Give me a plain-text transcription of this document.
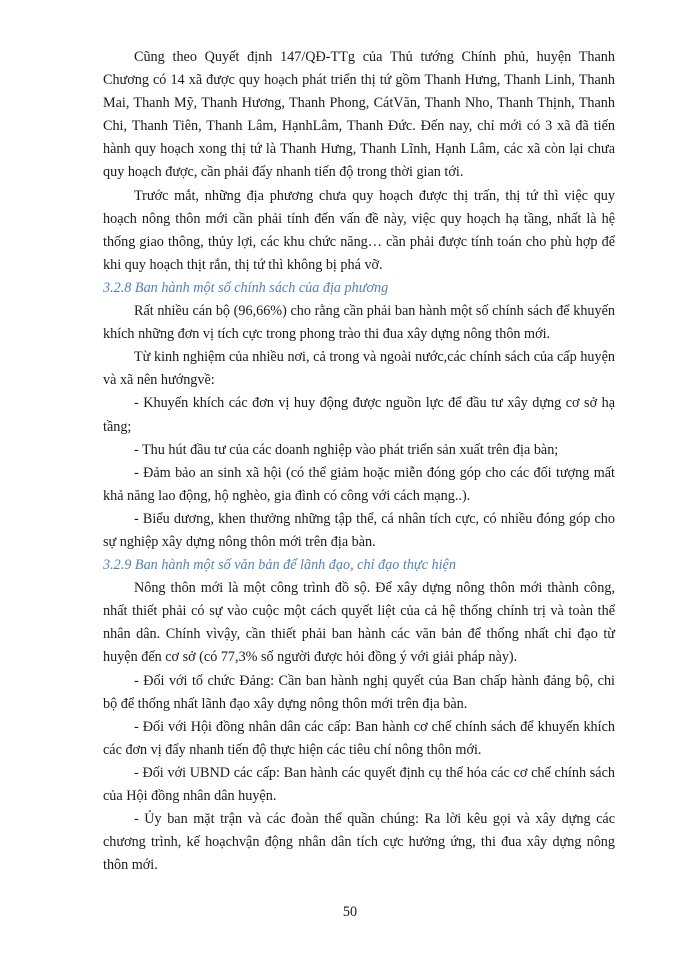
Cũng theo Quyết định 147/QĐ-TTg của Thủ tướng Chính phủ, huyện Thanh Chương có 14 xã được quy hoạch phát triển thị tứ gồm Thanh Hưng, Thanh Linh, Thanh Mai, Thanh Mỹ, Thanh Hương, Thanh Phong, CátVăn, Thanh Nho, Thanh Thịnh, Thanh Chi, Thanh Tiên, Thanh Lâm, HạnhLâm, Thanh Đức. Đến nay, chỉ mới có 3 xã đã tiến hành quy hoạch xong thị tứ là Thanh Hưng, Thanh Lĩnh, Hạnh Lâm, các xã còn lại chưa quy hoạch được, cần phải đẩy nhanh tiến độ trong thời gian tới.

Trước mắt, những địa phương chưa quy hoạch được thị trấn, thị tứ thì việc quy hoạch nông thôn mới cần phải tính đến vấn đề này, việc quy hoạch hạ tầng, nhất là hệ thống giao thông, thủy lợi, các khu chức năng… cần phải được tính toán cho phù hợp để khi quy hoạch thịt rắn, thị tứ thì không bị phá vỡ.

3.2.8 Ban hành một số chính sách của địa phương

Rất nhiều cán bộ (96,66%) cho rằng cần phải ban hành một số chính sách để khuyến khích những đơn vị tích cực trong phong trào thi đua xây dựng nông thôn mới.

Từ kinh nghiệm của nhiều nơi, cả trong và ngoài nước,các chính sách của cấp huyện và xã nên hướngvề:

- Khuyến khích các đơn vị huy động được nguồn lực để đầu tư xây dựng cơ sở hạ tầng;

- Thu hút đầu tư của các doanh nghiệp vào phát triển sản xuất trên địa bàn;

- Đảm bảo an sinh xã hội (có thể giảm hoặc miễn đóng góp cho các đối tượng mất khả năng lao động, hộ nghèo, gia đình có công với cách mạng..).

- Biểu dương, khen thưởng những tập thể, cá nhân tích cực, có nhiều đóng góp cho sự nghiệp xây dựng nông thôn mới trên địa bàn.

3.2.9 Ban hành một số văn bản để lãnh đạo, chỉ đạo thực hiện

Nông thôn mới là một công trình đồ sộ. Để xây dựng nông thôn mới thành công, nhất thiết phải có sự vào cuộc một cách quyết liệt của cả hệ thống chính trị và toàn thể nhân dân. Chính vìvậy, cần thiết phải ban hành các văn bản để thống nhất chỉ đạo từ huyện đến cơ sở (có 77,3% số người được hỏi đồng ý với giải pháp này).

- Đối với tổ chức Đảng: Cần ban hành nghị quyết của Ban chấp hành đảng bộ, chi bộ để thống nhất lãnh đạo xây dựng nông thôn mới trên địa bàn.

- Đối với Hội đồng nhân dân các cấp: Ban hành cơ chế chính sách để khuyến khích các đơn vị đẩy nhanh tiến độ thực hiện các tiêu chí nông thôn mới.

- Đối với UBND các cấp: Ban hành các quyết định cụ thể hóa các cơ chế chính sách của Hội đồng nhân dân huyện.

- Ủy ban mặt trận và các đoàn thể quần chúng: Ra lời kêu gọi và xây dựng các chương trình, kế hoạchvận động nhân dân tích cực hưởng ứng, thi đua xây dựng nông thôn mới.

50
